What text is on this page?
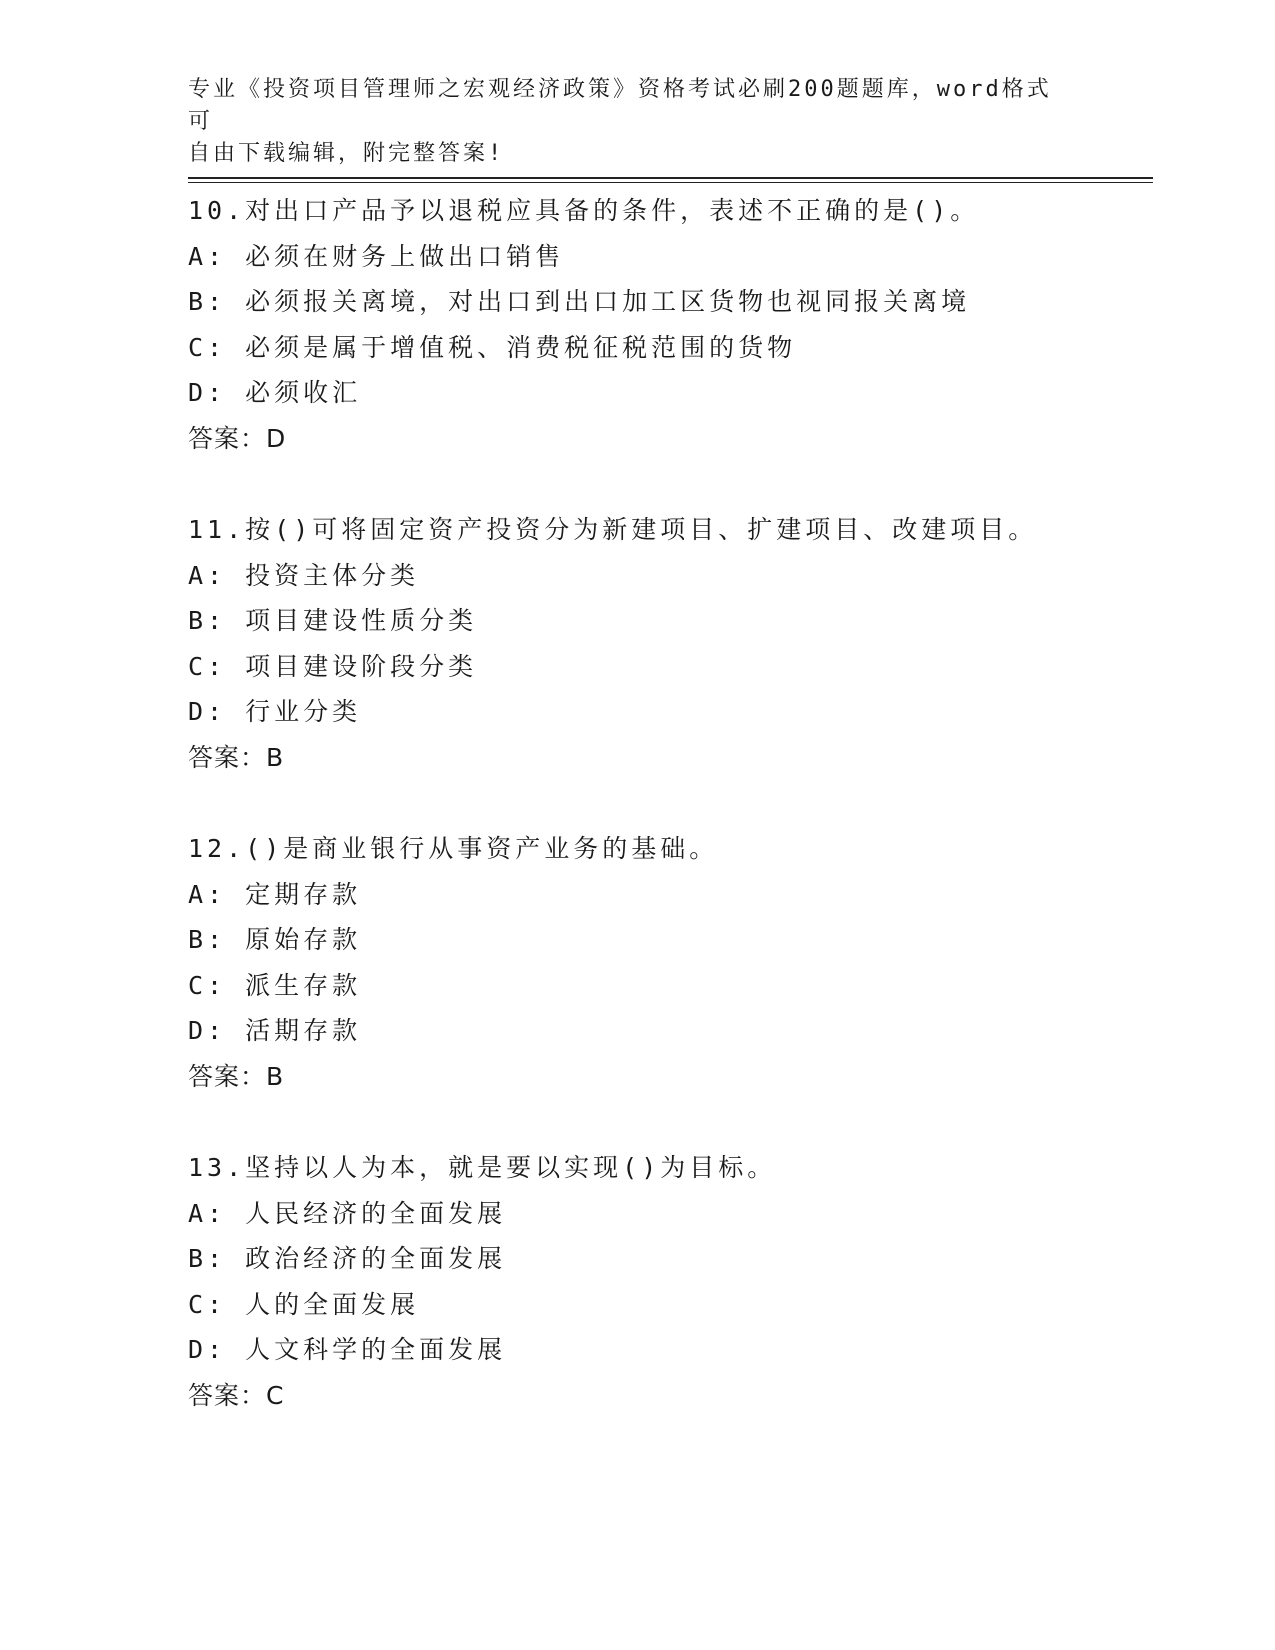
专业《投资项目管理师之宏观经济政策》资格考试必刷200题题库，word格式可
自由下载编辑，附完整答案!
10.对出口产品予以退税应具备的条件，表述不正确的是()。
A: 必须在财务上做出口销售
B: 必须报关离境，对出口到出口加工区货物也视同报关离境
C: 必须是属于增值税、消费税征税范围的货物
D: 必须收汇
答案：D
11.按()可将固定资产投资分为新建项目、扩建项目、改建项目。
A: 投资主体分类
B: 项目建设性质分类
C: 项目建设阶段分类
D: 行业分类
答案：B
12.()是商业银行从事资产业务的基础。
A: 定期存款
B: 原始存款
C: 派生存款
D: 活期存款
答案：B
13.坚持以人为本，就是要以实现()为目标。
A: 人民经济的全面发展
B: 政治经济的全面发展
C: 人的全面发展
D: 人文科学的全面发展
答案：C
